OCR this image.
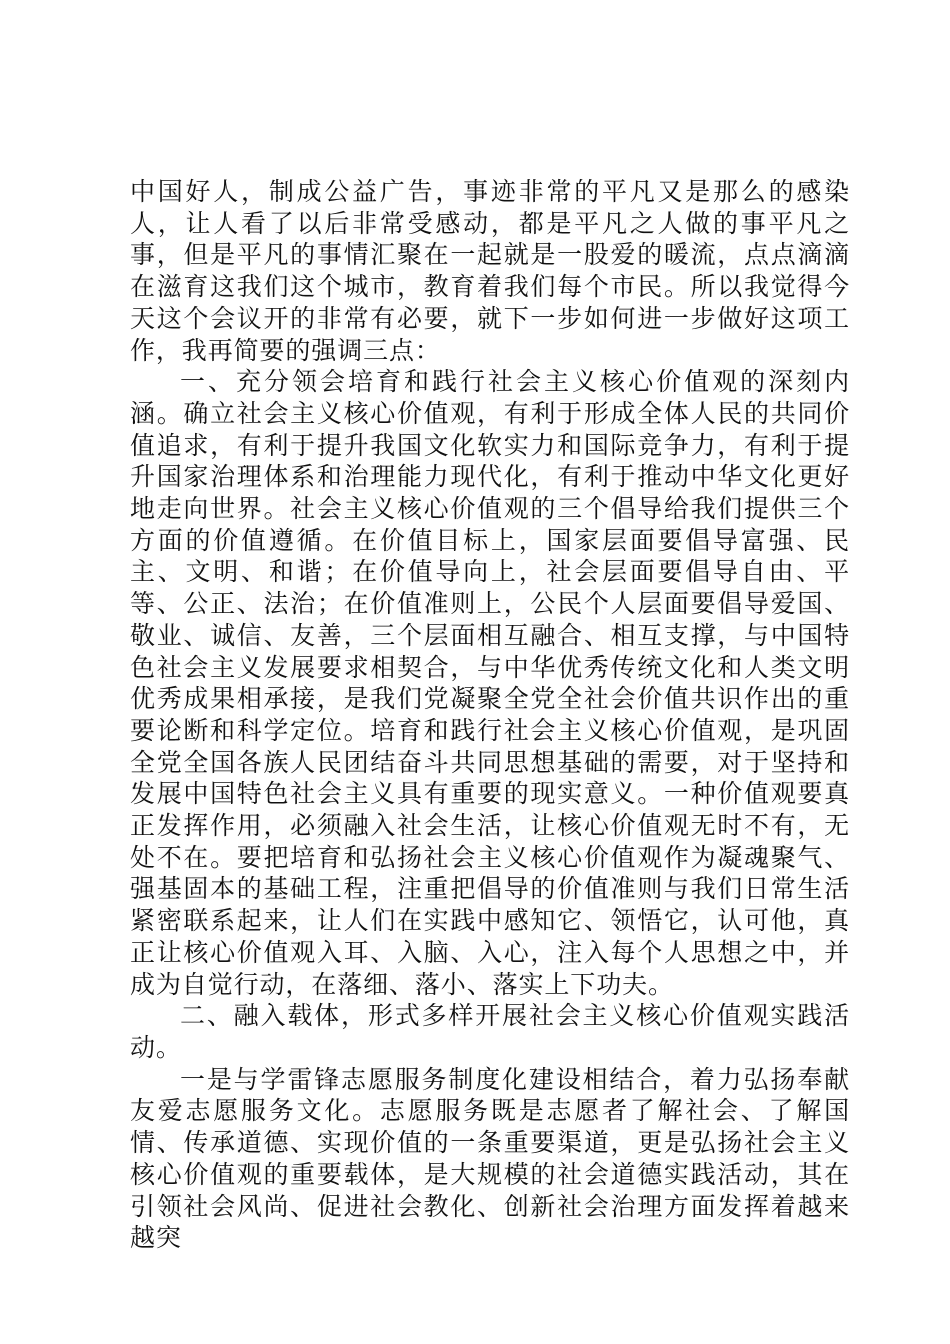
中国好人，制成公益广告，事迹非常的平凡又是那么的感染人，让人看了以后非常受感动，都是平凡之人做的事平凡之事，但是平凡的事情汇聚在一起就是一股爱的暖流，点点滴滴在滋育这我们这个城市，教育着我们每个市民。所以我觉得今天这个会议开的非常有必要，就下一步如何进一步做好这项工作，我再简要的强调三点：

一、充分领会培育和践行社会主义核心价值观的深刻内涵。确立社会主义核心价值观，有利于形成全体人民的共同价值追求，有利于提升我国文化软实力和国际竞争力，有利于提升国家治理体系和治理能力现代化，有利于推动中华文化更好地走向世界。社会主义核心价值观的三个倡导给我们提供三个方面的价值遵循。在价值目标上，国家层面要倡导富强、民主、文明、和谐；在价值导向上，社会层面要倡导自由、平等、公正、法治；在价值准则上，公民个人层面要倡导爱国、敬业、诚信、友善，三个层面相互融合、相互支撑，与中国特色社会主义发展要求相契合，与中华优秀传统文化和人类文明优秀成果相承接，是我们党凝聚全党全社会价值共识作出的重要论断和科学定位。培育和践行社会主义核心价值观，是巩固全党全国各族人民团结奋斗共同思想基础的需要，对于坚持和发展中国特色社会主义具有重要的现实意义。一种价值观要真正发挥作用，必须融入社会生活，让核心价值观无时不有，无处不在。要把培育和弘扬社会主义核心价值观作为凝魂聚气、强基固本的基础工程，注重把倡导的价值准则与我们日常生活紧密联系起来，让人们在实践中感知它、领悟它，认可他，真正让核心价值观入耳、入脑、入心，注入每个人思想之中，并成为自觉行动，在落细、落小、落实上下功夫。

二、融入载体，形式多样开展社会主义核心价值观实践活动。

一是与学雷锋志愿服务制度化建设相结合，着力弘扬奉献友爱志愿服务文化。志愿服务既是志愿者了解社会、了解国情、传承道德、实现价值的一条重要渠道，更是弘扬社会主义核心价值观的重要载体，是大规模的社会道德实践活动，其在引领社会风尚、促进社会教化、创新社会治理方面发挥着越来越突
